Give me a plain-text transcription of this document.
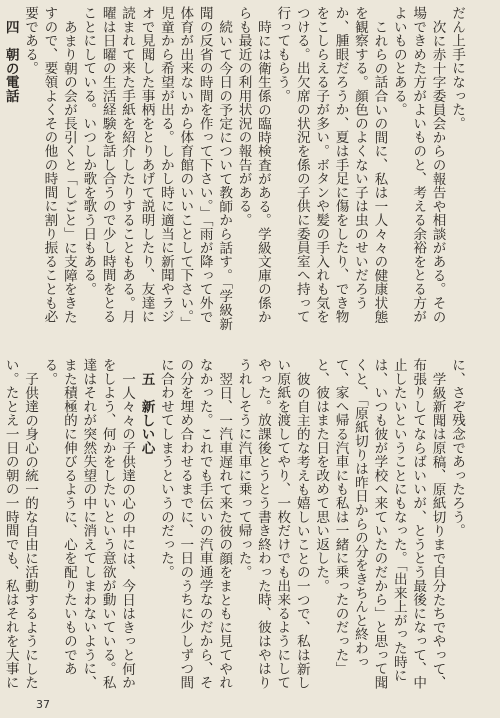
だん上手になった。

次に赤十字委員会からの報告や相談がある。その場できめた方がよいものと、考える余裕をとる方がよいものとある。

これらの話合いの間に、私は一人々々の健康状態を観察する。顔色のよくない子は虫のせいだろうか、腫眼だろうか、夏は手足に傷をしたり、でき物をこしらえる子が多い。ボタンや髪の手入れも気をつける。出欠席の状況を係の子供に委員室へ持って行ってもらう。

時には衛生係の臨時検査がある。学級文庫の係からも最近の利用状況の報告がある。

続いて今日の予定について教師から話す。「学級新聞の反省の時間を作って下さい。」「雨が降って外で体育が出来ないから体育館のいいことして下さい。」児童から希望が出る。しかし時に適当に新聞やラジオで見聞した事柄をとりあげて説明したり、友達に読まれて来た手紙を紹介したりすることもある。月曜は日曜の生活経験を話し合うので少し時間をとることにしている。いつしか歌を歌う日もある。

あまり朝の会が長引くと「しごと」に支障をきたすので、要領よくその他の時間に割り振ることも必要である。

四　朝の電話

に、さぞ残念であったろう。

学級新聞は原稿、原紙切りまで自分たちでやって、布張りしてならばいいが、とうとう最後になって、中止したいということにもなった。「出来上がった時には、いつも彼が学校へ来ていたのだから」と思って聞くと、「原紙切りは昨日からの分をきちんと終わって、家へ帰る汽車にも私は一緒に乗ったのだった」と、彼はまた日を改めて思い返した。

彼の自主的な考えも嬉しいことの一つで、私は新しい原紙を渡してやり、一枚だけでも出来るようにしてやった。放課後とうとう書き終わった時、彼はやはりうれしそうに汽車に乗って帰った。

翌日、一汽車遅れて来た彼の顔をまともに見てやれなかった。これでも手伝いの汽車通学なのだから、その分を埋め合わせるまでに、一日のうちに少しずつ間に合わせてしまうというのだった。

五　新しい心

一人々々の子供達の心の中には、今日はきっと何かをしよう、何かをしたいという意欲が動いている。私達はそれが突然失望の中に消えてしまわないように、また積極的に伸びるように、心を配りたいものである。

子供達の身心の統一的な自由に活動するようにしたい。たとえ一日の朝の一時間でも、私はそれを大事に

37
